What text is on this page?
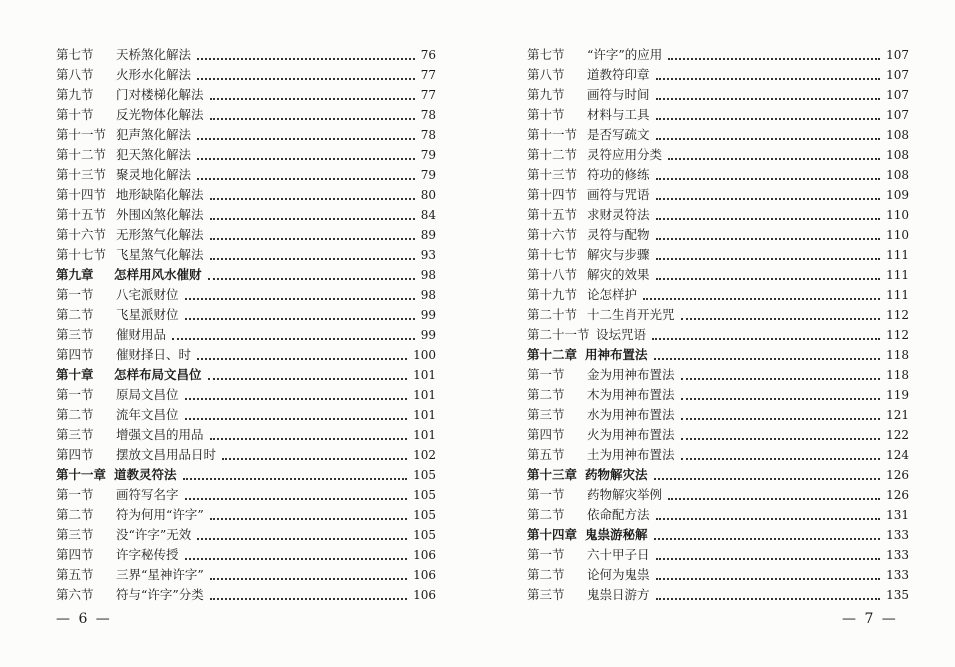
第七节 天桥煞化解法	76
第八节 火形水化解法	77
第九节 门对楼梯化解法	77
第十节 反光物体化解法	78
第十一节 犯声煞化解法	78
第十二节 犯天煞化解法	79
第十三节 聚灵地化解法	79
第十四节 地形缺陷化解法	80
第十五节 外围凶煞化解法	84
第十六节 无形煞气化解法	89
第十七节 飞星煞气化解法	93
第九章 怎样用风水催财	98
第一节 八宅派财位	98
第二节 飞星派财位	99
第三节 催财用品	99
第四节 催财择日、时	100
第十章 怎样布局文昌位	101
第一节 原局文昌位	101
第二节 流年文昌位	101
第三节 增强文昌的用品	101
第四节 摆放文昌用品日时	102
第十一章 道教灵符法	105
第一节 画符写名字	105
第二节 符为何用“许字”	105
第三节 没“许字”无效	105
第四节 许字秘传授	106
第五节 三界“星神许字”	106
第六节 符与“许字”分类	106
第七节 “许字”的应用	107
第八节 道教符印章	107
第九节 画符与时间	107
第十节 材料与工具	107
第十一节 是否写疏文	108
第十二节 灵符应用分类	108
第十三节 符功的修练	108
第十四节 画符与咒语	109
第十五节 求财灵符法	110
第十六节 灵符与配物	110
第十七节 解灾与步骤	111
第十八节 解灾的效果	111
第十九节 论怎样护	111
第二十节 十二生肖开光咒	112
第二十一节 设坛咒语	112
第十二章 用神布置法	118
第一节 金为用神布置法	118
第二节 木为用神布置法	119
第三节 水为用神布置法	121
第四节 火为用神布置法	122
第五节 土为用神布置法	124
第十三章 药物解灾法	126
第一节 药物解灾举例	126
第二节 依命配方法	131
第十四章 鬼祟游秘解	133
第一节 六十甲子日	133
第二节 论何为鬼祟	133
第三节 鬼祟日游方	135
— 6 —	— 7 —
